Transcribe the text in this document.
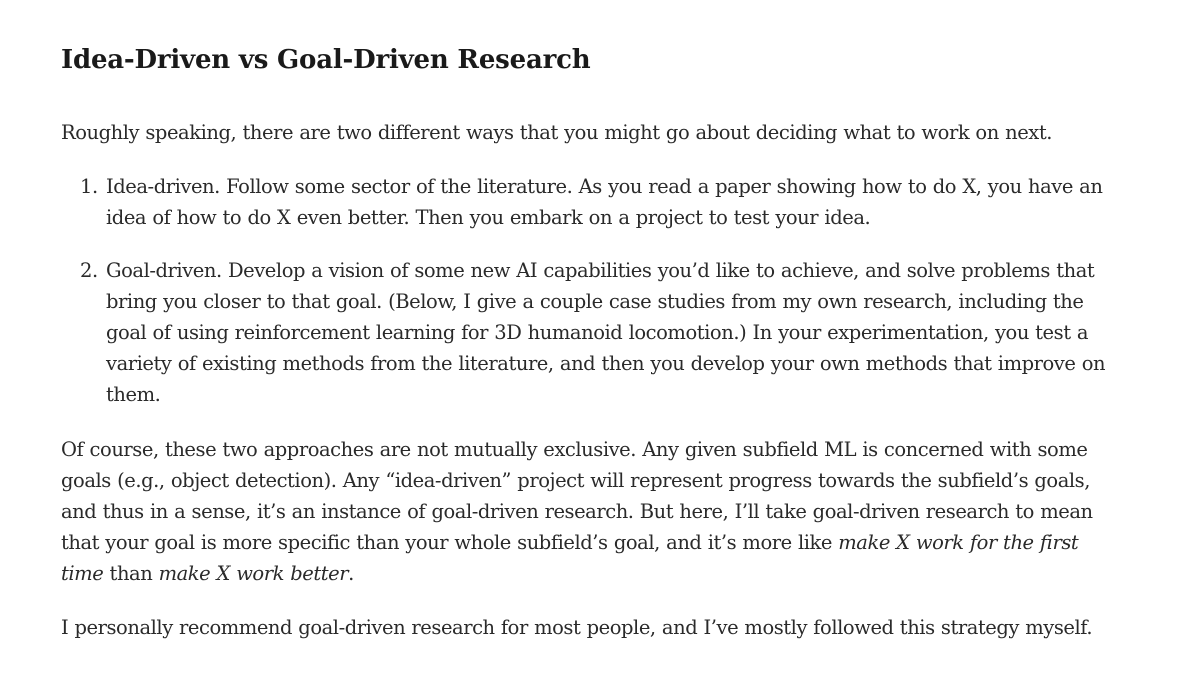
Idea-Driven vs Goal-Driven Research

Roughly speaking, there are two different ways that you might go about deciding what to work on next.

1. Idea-driven. Follow some sector of the literature. As you read a paper showing how to do X, you have an
idea of how to do X even better. Then you embark on a project to test your idea.
2. Goal-driven. Develop a vision of some new AI capabilities you’d like to achieve, and solve problems that
bring you closer to that goal. (Below, I give a couple case studies from my own research, including the
goal of using reinforcement learning for 3D humanoid locomotion.) In your experimentation, you test a
variety of existing methods from the literature, and then you develop your own methods that improve on
them.

Of course, these two approaches are not mutually exclusive. Any given subfield ML is concerned with some
goals (e.g., object detection). Any “idea-driven” project will represent progress towards the subfield’s goals,
and thus in a sense, it’s an instance of goal-driven research. But here, I’ll take goal-driven research to mean
that your goal is more specific than your whole subfield’s goal, and it’s more like make X work for the first
time than make X work better.

I personally recommend goal-driven research for most people, and I’ve mostly followed this strategy myself.
